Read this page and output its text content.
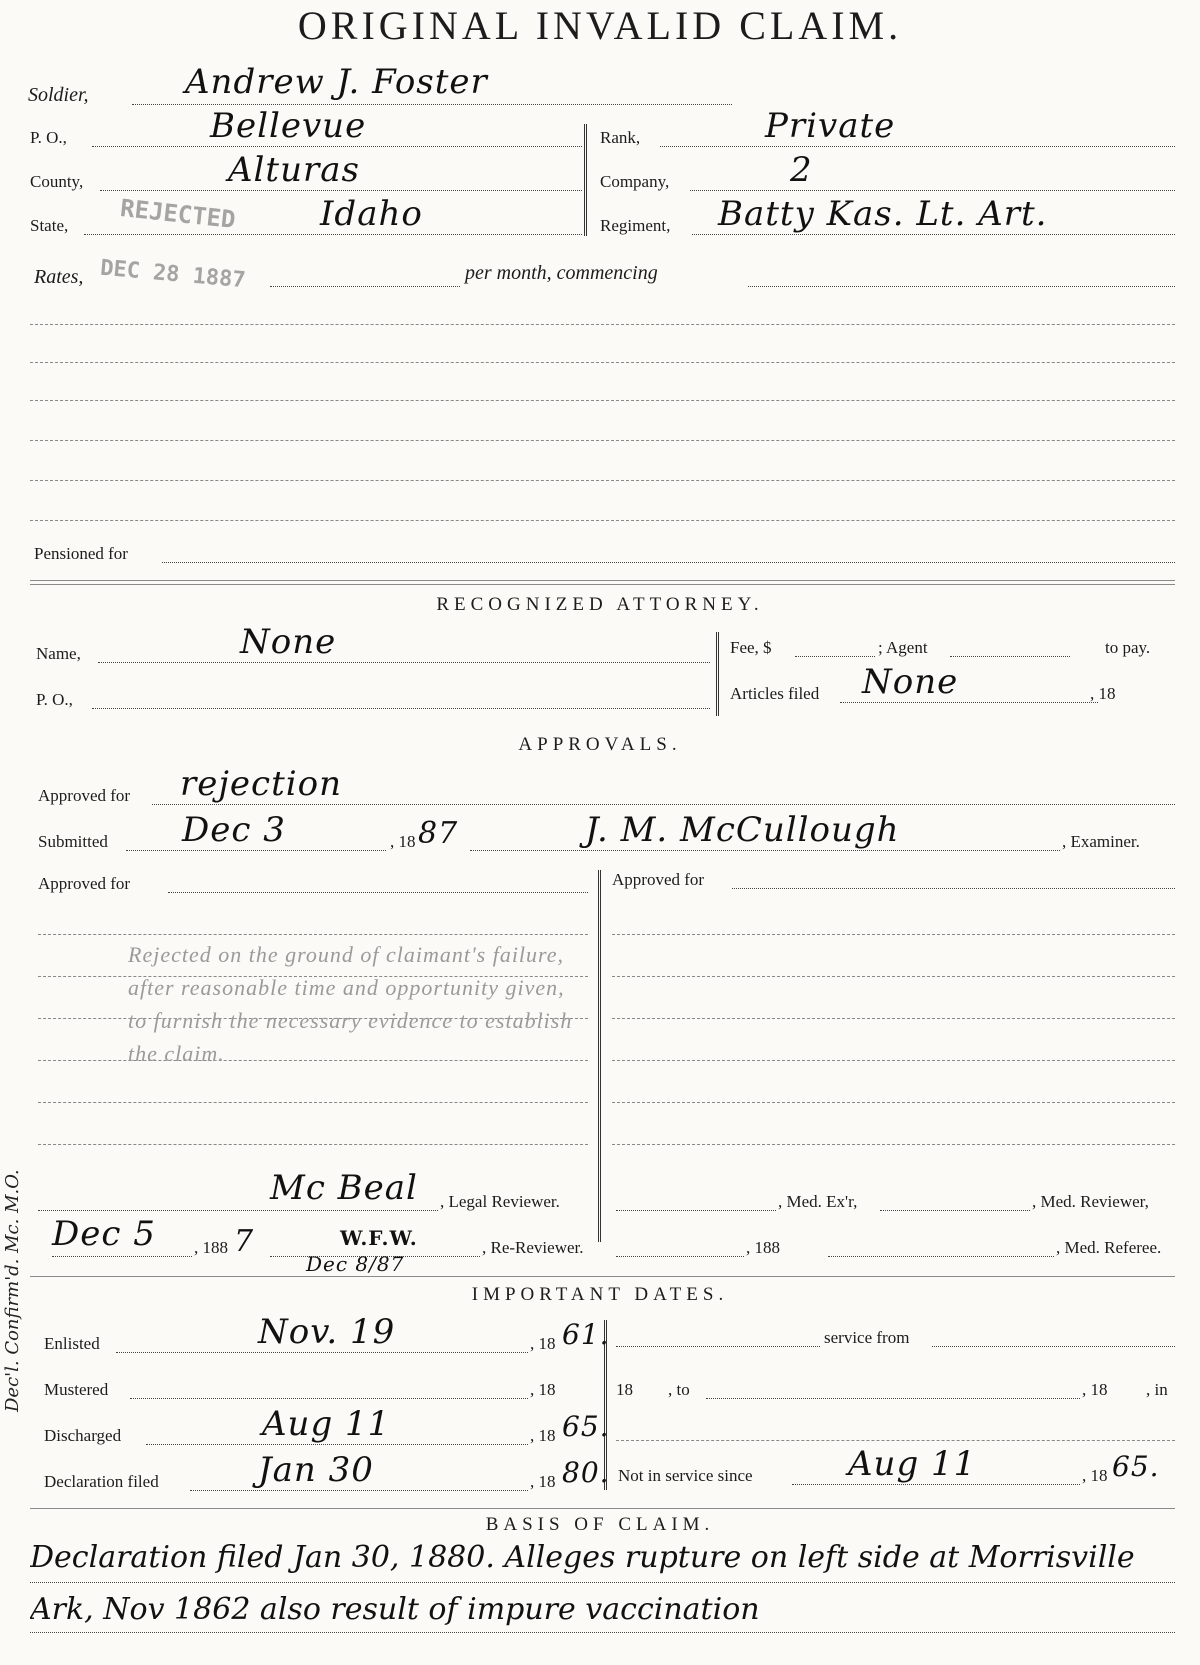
ORIGINAL INVALID CLAIM.
Soldier,	Andrew J. Foster
P. O.,	Bellevue
County,	Alturas
State,	Idaho
REJECTED
Rank,	Private
Company,	2
Regiment, Batty Kas. Lt. Art.
Rates, DEC 28 1887	per month, commencing
Pensioned for
RECOGNIZED ATTORNEY.
Name,	None
P. O.,
Fee, $	; Agent	to pay.
Articles filed None	, 18
APPROVALS.
Approved for rejection
Submitted Dec 3	, 18 87	J. M. McCullough	, Examiner.
Approved for	Approved for
Rejected on the ground of claimant's failure, after reasonable time and opportunity given, to furnish the necessary evidence to establish the claim.
Mc Beal , Legal Reviewer.	, Med. Ex'r,	, Med. Reviewer,
Dec 5 , 188 7	W.F.W.	, Re-Reviewer.
Dec 8/87
, 188	, Med. Referee.
IMPORTANT DATES.
Enlisted	Nov. 19	, 18 61.	service from
Mustered	, 18	18 , to	, 18 , in
Discharged	Aug 11	, 18 65.
Declaration filed	Jan 30	, 18 80. Not in service since	Aug 11	, 18 65.
Dec'l. Confirm'd. Mc. M.O.
BASIS OF CLAIM.
Declaration filed Jan 30, 1880. Alleges rupture on left side at Morrisville
Ark, Nov 1862 also result of impure vaccination
